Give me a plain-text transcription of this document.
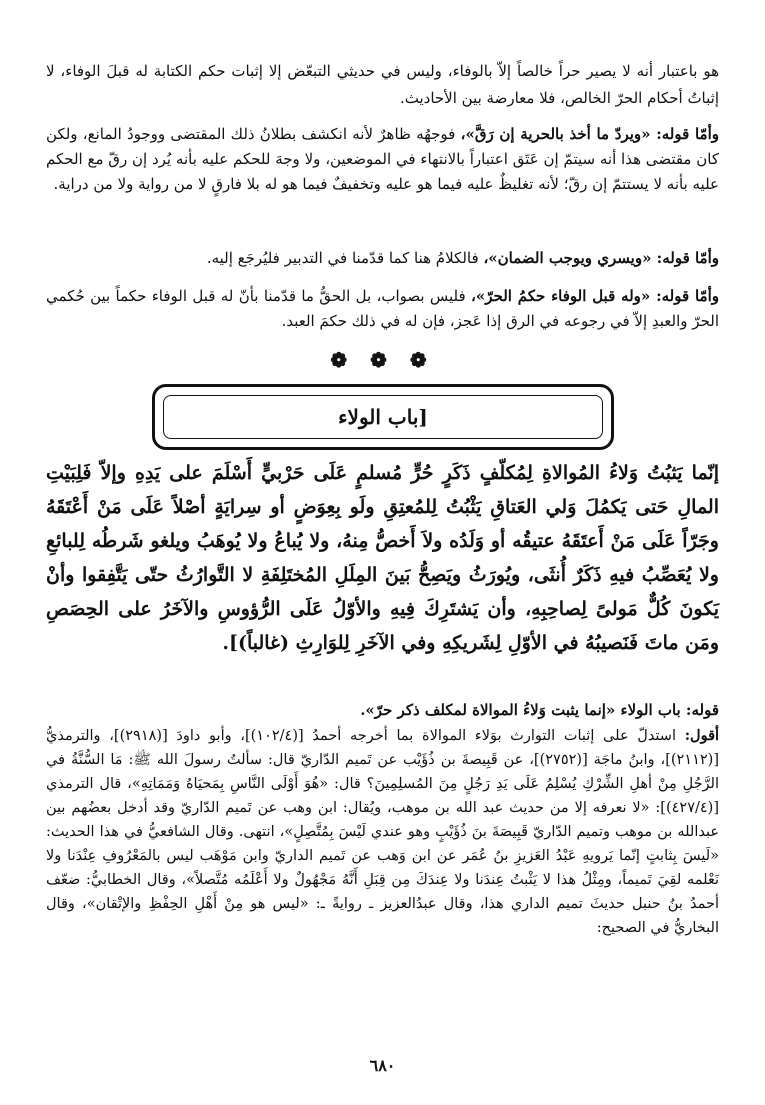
هو باعتبار أنه لا يصير حراً خالصاً إلاّ بالوفاء، وليس في حديثي التبعّض إلا إثبات حكم الكتابة له قبلَ الوفاء، لا إثباتُ أحكام الحرّ الخالص، فلا معارضة بين الأحاديث.

وأمّا قوله: «ويردّ ما أخذ بالحرية إن رَقَّ»، فوجهُه ظاهرٌ لأنه انكشف بطلانُ ذلك المقتضى ووجودُ المانع، ولكن كان مقتضى هذا أنه سيتمّ إن عَتَق اعتباراً بالانتهاء في الموضعين، ولا وجهَ للحكم عليه بأنه يُرد إن رقّ مع الحكم عليه بأنه لا يستتمّ إن رقّ؛ لأنه تغليظٌ عليه فيما هو عليه وتخفيفٌ فيما هو له بلا فارقٍ لا من رواية ولا من دراية.

وأمّا قوله: «ويسري ويوجب الضمان»، فالكلامُ هنا كما قدّمنا في التدبير فليُرجَع إليه.

وأمّا قوله: «وله قبل الوفاء حكمُ الحرّ»، فليس بصواب، بل الحقُّ ما قدّمنا بأنّ له قبل الوفاء حكماً بين حُكمي الحرّ والعبدِ إلاّ في رجوعه في الرق إذا عَجز، فإن له في ذلك حكمَ العبد.

❁ ❁ ❁
[باب الولاء

إنّما يَثبُتُ وَلاءُ المُوالاةِ لِمُكلّفٍ ذَكَرٍ حُرٍّ مُسلمٍ عَلَى حَرْبيٍّ أَسْلَمَ على يَدِهِ وإلاّ فَلِبَيْتِ المالِ حَتى يَكمُلَ وَلي العَتاقِ يَثْبُتُ لِلمُعتِقِ ولَو بِعِوَضٍ أو سِرايَةٍ أصْلاً عَلَى مَنْ أَعْتَقَهُ وجَرّاً عَلَى مَنْ أَعتَقَهُ عتيقُه أو وَلَدُه ولاَ أَخصُّ مِنهُ، ولا يُباعُ ولا يُوهَبُ ويلغو شَرطُه لِلبائعِ ولا يُعَصِّبُ فيهِ ذَكَرٌ أُنثَى، ويُورَثُ ويَصِحُّ بَينَ المِلَلِ المُختَلِفَةِ لا التَّوارُثُ حتّى يَتَّفِقوا وأنْ يَكونَ كُلٌّ مَولىً لِصاحِبِهِ، وأن يَشتَرِكَ فِيهِ والأوّلُ عَلَى الرُّؤوسِ والآخَرُ على الحِصَصِ ومَن ماتَ فَنَصيبُهُ في الأوّلِ لِشَريكِهِ وفي الآخَرِ لِلوَارِثِ (غالباً)].

قوله: باب الولاء «إنما يثبت وَلاءُ الموالاة لمكلف ذكر حرّ».

أقول: استدلّ على إثبات التوارث بوَلاء الموالاة بما أخرجه أحمدُ [(١٠٢/٤)]، وأبو داودَ [(٢٩١٨)]، والترمذيُّ [(٢١١٢)]، وابنُ ماجَة [(٢٧٥٢)]، عن قَبِيصةَ بن ذُؤَيْب عن تَميم الدّاريّ قال: سألتُ رسولَ الله ﷺ: مَا السُّنَّةُ في الرَّجُلِ مِنْ أهلِ الشِّرْكِ يُسْلِمُ عَلَى يَدِ رَجُلٍ مِنَ المُسلِمِينَ؟ قال: «هُوَ أَوْلَى النَّاسِ بِمَحيَاهُ وَمَمَاتِهِ»، قال الترمذي [(٤٢٧/٤)]: «لا نعرفه إلا من حديث عبد الله بن موهب، ويُقال: ابن وهب عن تَميم الدّاريّ وقد أدخل بعضُهم بين عبدالله بن موهب وتميم الدّاريّ قَبِيصَةَ بنَ ذُؤَيْبٍ وهو عندي لَيْسَ بِمُتَّصِلٍ»، انتهى. وقال الشافعيُّ في هذا الحديث: «لَيسَ بِثابتٍ إنّما يَرويهِ عَبْدُ العَزيزِ بنُ عُمَر عن ابن وَهب عن تَميم الداريّ وابن مَوْهَب ليس بالمَعْرُوفِ عِنْدَنا ولا نَعْلمه لقِيَ تَميماً، ومِثْلُ هذا لا يَثْبتُ عِندَنا ولا عِندَكَ مِن قِبَلِ أَنَّهُ مَجْهُولٌ ولا أَعْلَمُه مُتَّصلاً»، وقال الخطابيُّ: ضعّف أحمدُ بنُ حنبل حديثَ تميم الداري هذا، وقال عبدُالعزيز ـ روايةً ـ: «ليس هو مِنْ أَهْلِ الحِفْظِ والإتْقان»، وقال البخاريُّ في الصحيح:

٦٨٠
